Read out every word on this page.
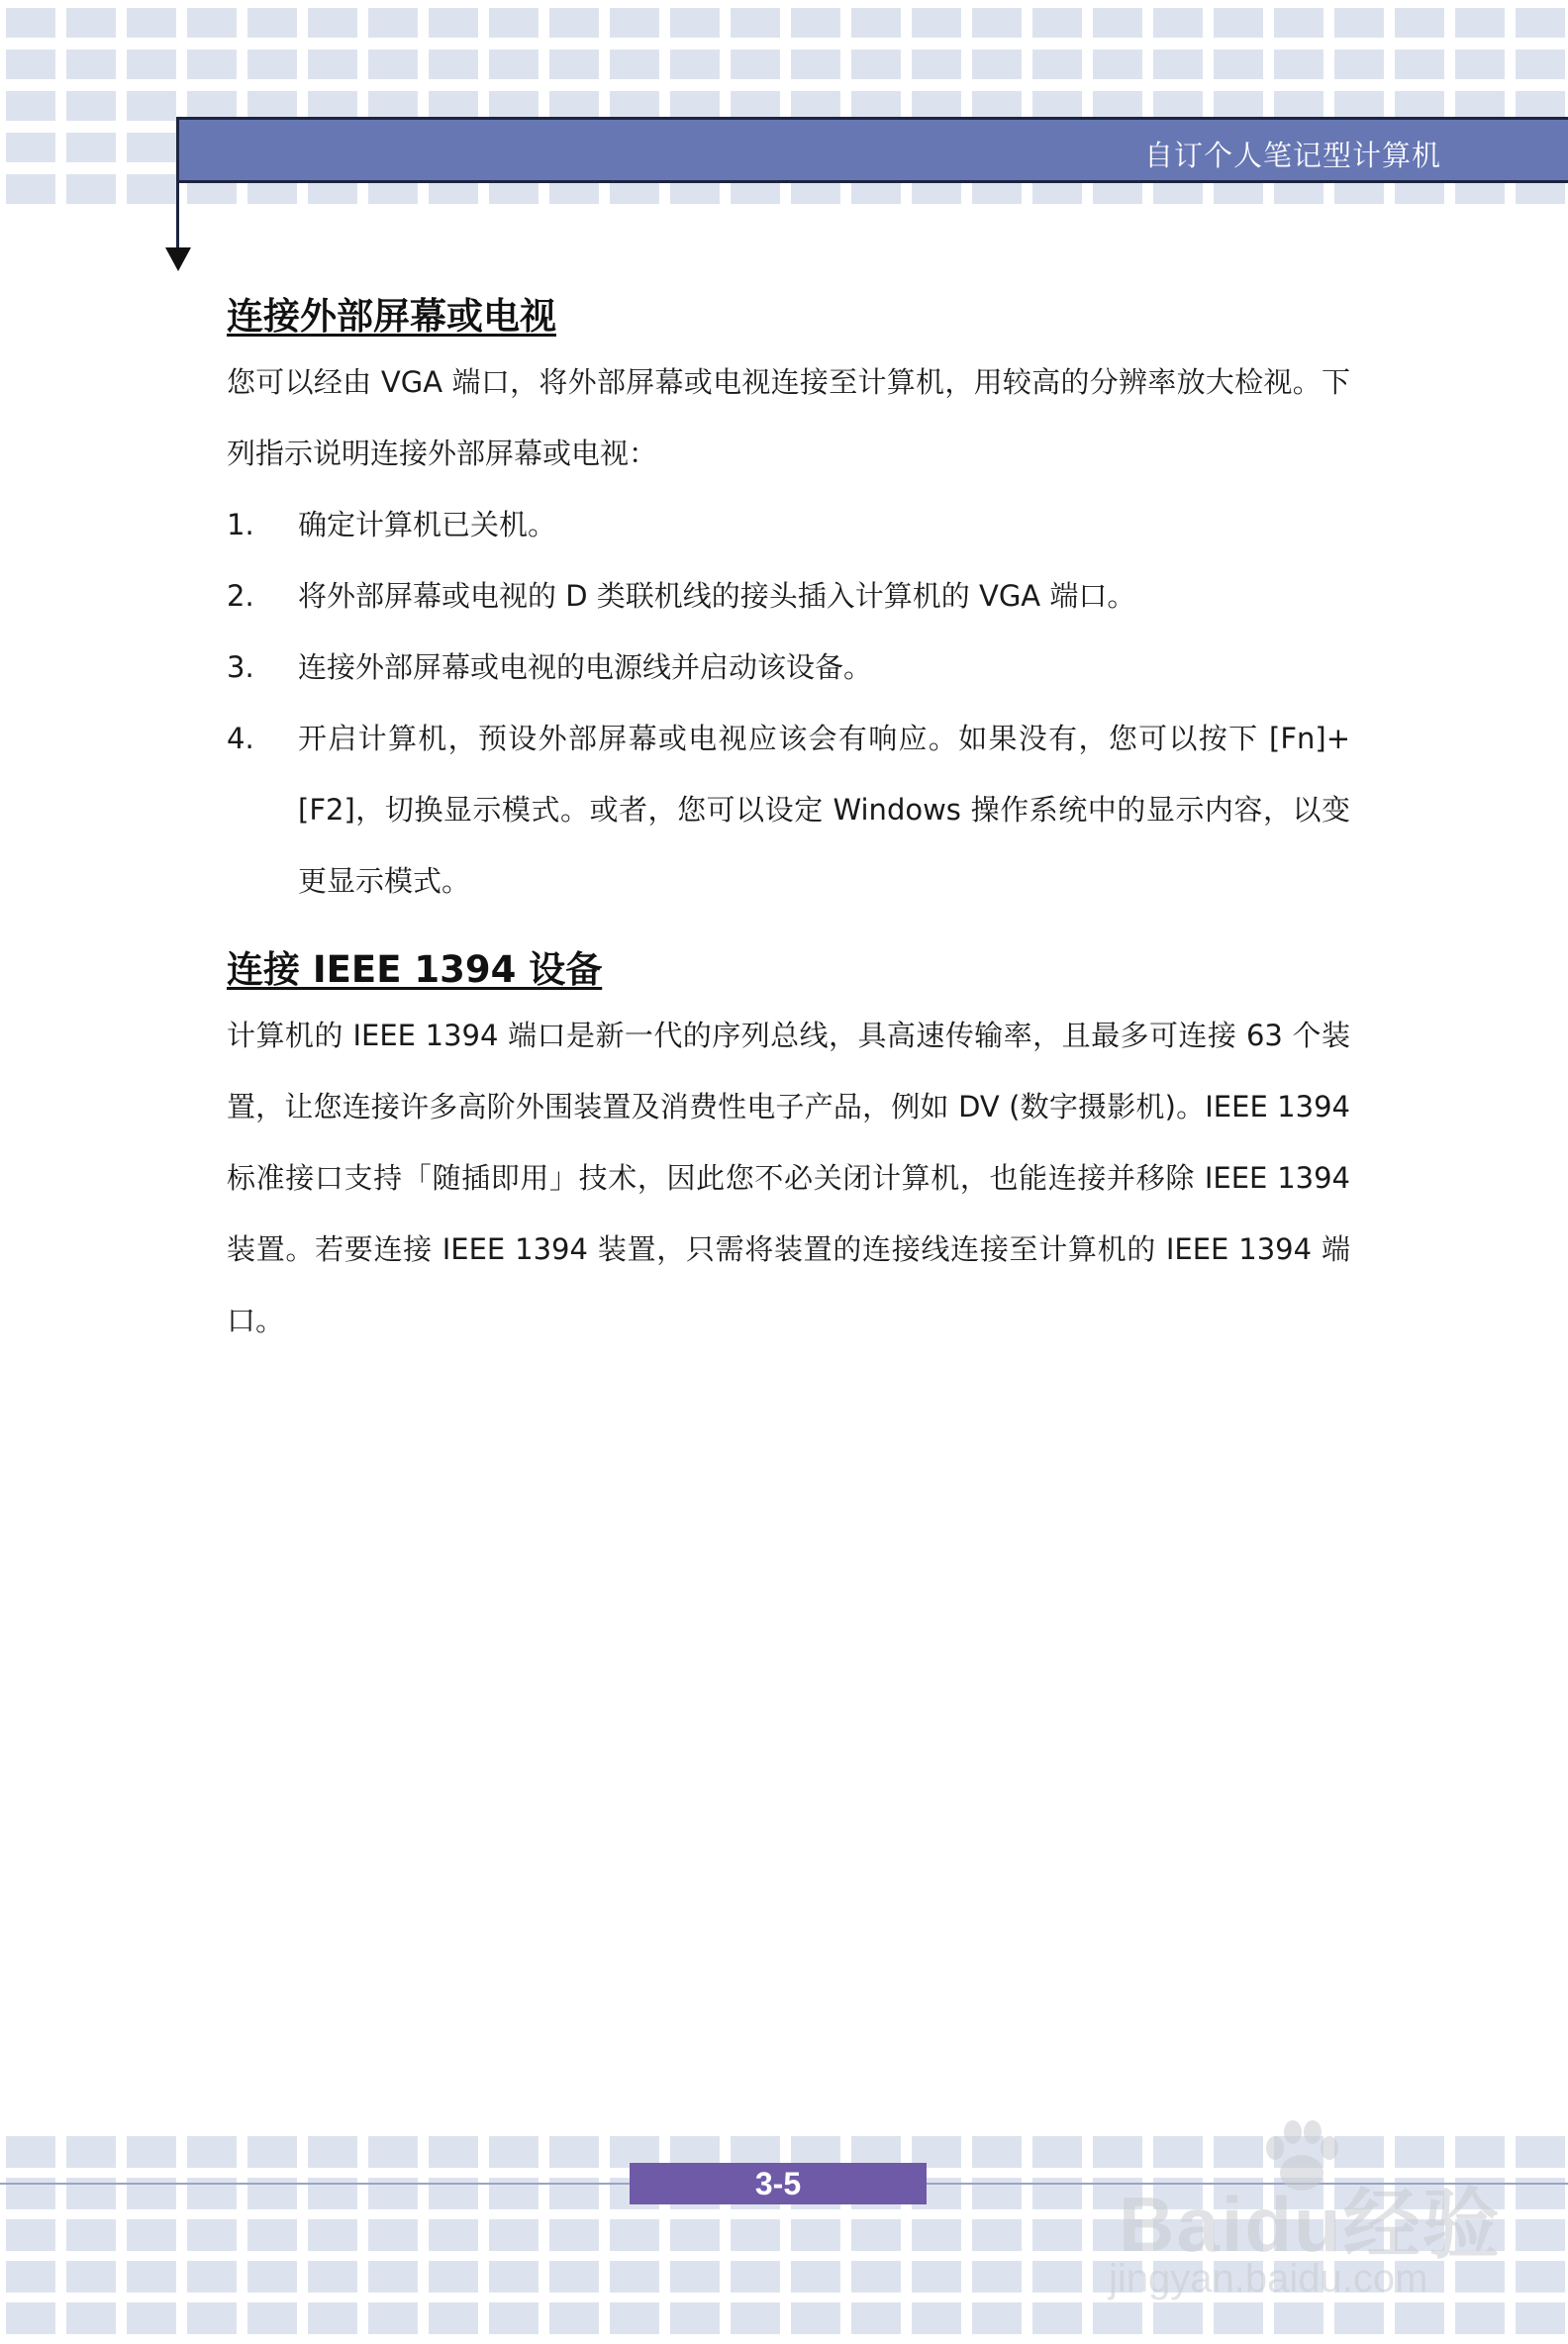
自订个人笔记型计算机
连接外部屏幕或电视

您可以经由 VGA 端口，将外部屏幕或电视连接至计算机，用较高的分辨率放大检视。下列指示说明连接外部屏幕或电视：

1. 确定计算机已关机。
2. 将外部屏幕或电视的 D 类联机线的接头插入计算机的 VGA 端口。
3. 连接外部屏幕或电视的电源线并启动该设备。
4. 开启计算机，预设外部屏幕或电视应该会有响应。如果没有，您可以按下 [Fn]+[F2]，切换显示模式。或者，您可以设定 Windows 操作系统中的显示内容，以变更显示模式。
连接 IEEE 1394 设备

计算机的 IEEE 1394 端口是新一代的序列总线，具高速传输率，且最多可连接 63 个装置，让您连接许多高阶外围装置及消费性电子产品，例如 DV (数字摄影机)。IEEE 1394 标准接口支持「随插即用」技术，因此您不必关闭计算机，也能连接并移除 IEEE 1394 装置。若要连接 IEEE 1394 装置，只需将装置的连接线连接至计算机的 IEEE 1394 端口。

3-5	Baidu经验
jingyan.baidu.com
